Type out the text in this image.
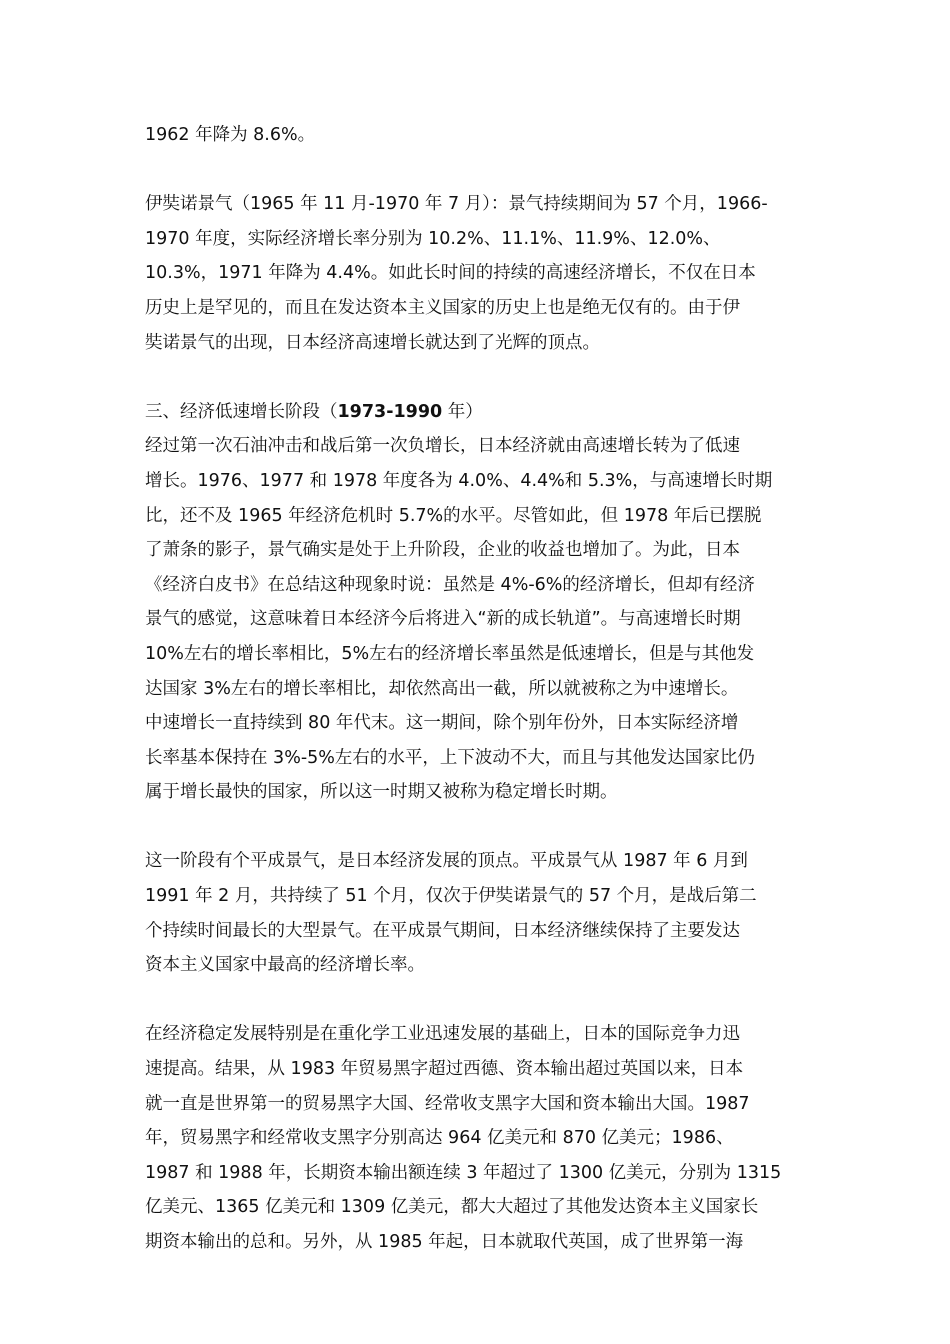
1962 年降为 8.6%。
伊奘诺景气（1965 年 11 月-1970 年 7 月）：景气持续期间为 57 个月，1966-
1970 年度，实际经济增长率分别为 10.2%、11.1%、11.9%、12.0%、
10.3%，1971 年降为 4.4%。如此长时间的持续的高速经济增长，不仅在日本
历史上是罕见的，而且在发达资本主义国家的历史上也是绝无仅有的。由于伊
奘诺景气的出现，日本经济高速增长就达到了光辉的顶点。
三、经济低速增长阶段（1973-1990 年）
经过第一次石油冲击和战后第一次负增长，日本经济就由高速增长转为了低速
增长。1976、1977 和 1978 年度各为 4.0%、4.4%和 5.3%，与高速增长时期
比，还不及 1965 年经济危机时 5.7%的水平。尽管如此，但 1978 年后已摆脱
了萧条的影子，景气确实是处于上升阶段，企业的收益也增加了。为此，日本
《经济白皮书》在总结这种现象时说：虽然是 4%-6%的经济增长，但却有经济
景气的感觉，这意味着日本经济今后将进入“新的成长轨道”。与高速增长时期
10%左右的增长率相比，5%左右的经济增长率虽然是低速增长，但是与其他发
达国家 3%左右的增长率相比，却依然高出一截，所以就被称之为中速增长。
中速增长一直持续到 80 年代末。这一期间，除个别年份外，日本实际经济增
长率基本保持在 3%-5%左右的水平，上下波动不大，而且与其他发达国家比仍
属于增长最快的国家，所以这一时期又被称为稳定增长时期。
这一阶段有个平成景气，是日本经济发展的顶点。平成景气从 1987 年 6 月到
1991 年 2 月，共持续了 51 个月，仅次于伊奘诺景气的 57 个月，是战后第二
个持续时间最长的大型景气。在平成景气期间，日本经济继续保持了主要发达
资本主义国家中最高的经济增长率。
在经济稳定发展特别是在重化学工业迅速发展的基础上，日本的国际竞争力迅
速提高。结果，从 1983 年贸易黑字超过西德、资本输出超过英国以来，日本
就一直是世界第一的贸易黑字大国、经常收支黑字大国和资本输出大国。1987
年，贸易黑字和经常收支黑字分别高达 964 亿美元和 870 亿美元；1986、
1987 和 1988 年，长期资本输出额连续 3 年超过了 1300 亿美元，分别为 1315
亿美元、1365 亿美元和 1309 亿美元，都大大超过了其他发达资本主义国家长
期资本输出的总和。另外，从 1985 年起，日本就取代英国，成了世界第一海
